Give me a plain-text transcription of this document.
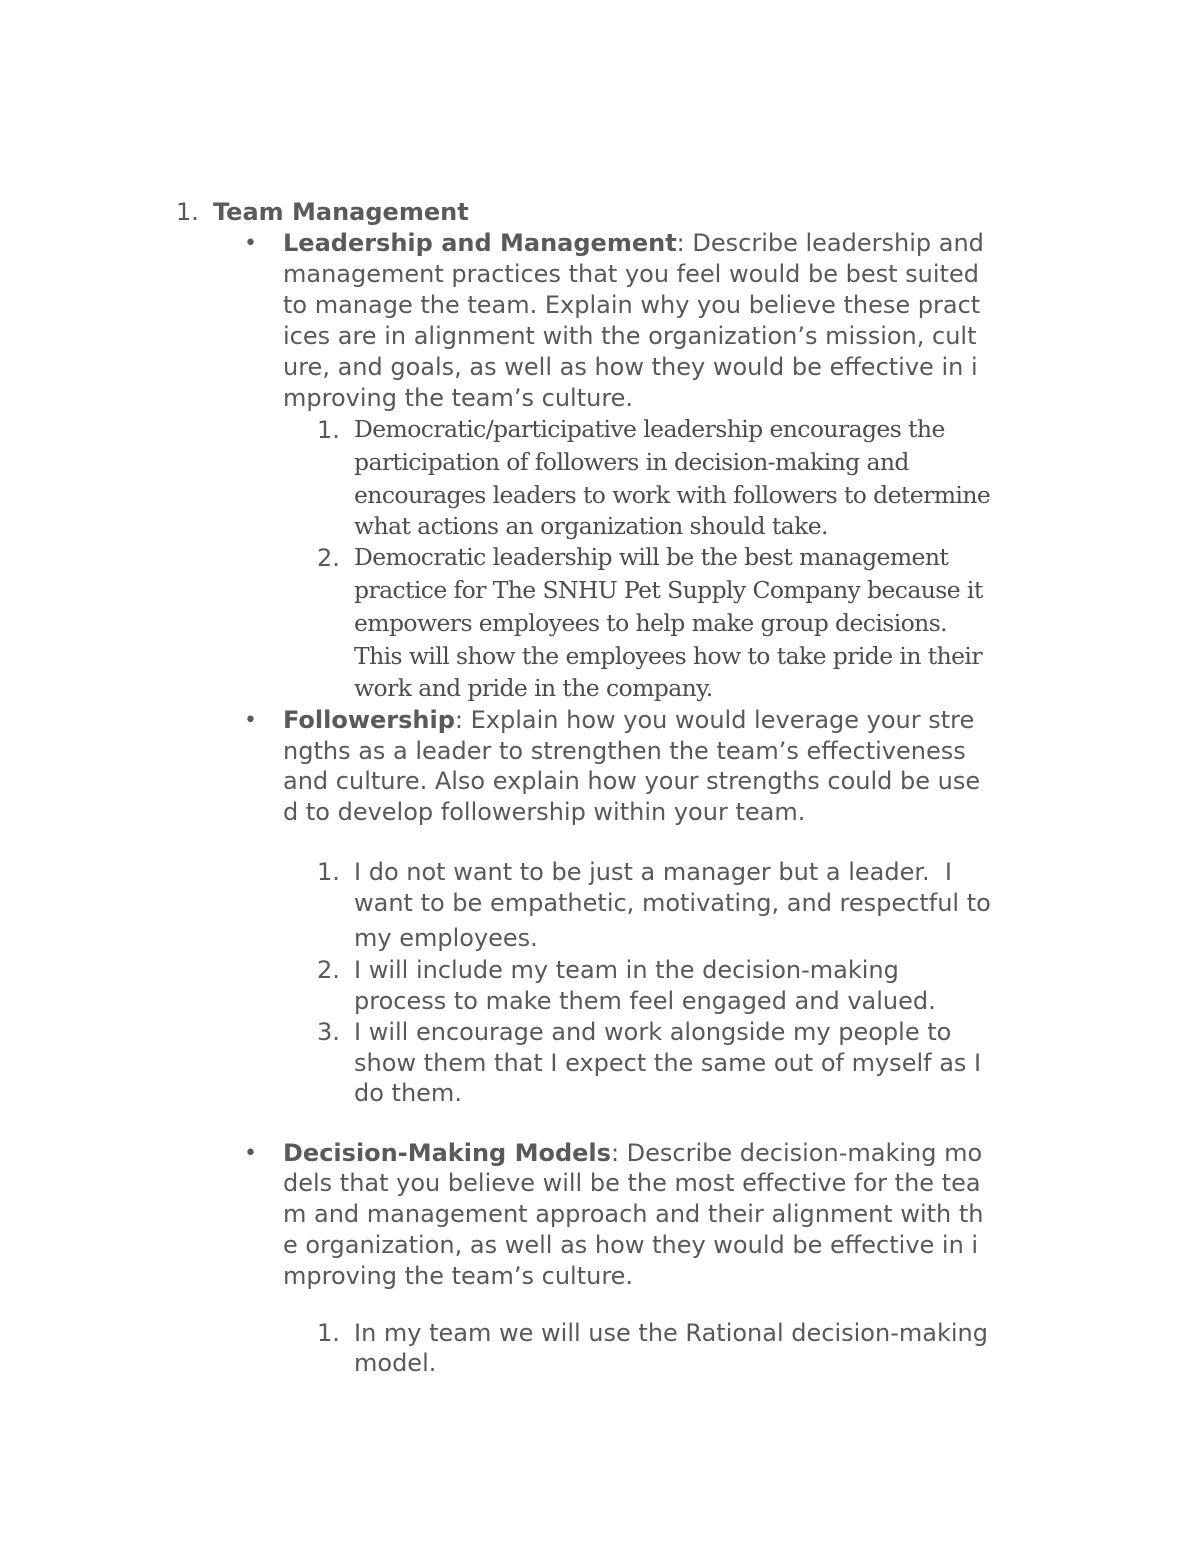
1. Team Management
• Leadership and Management: Describe leadership and
management practices that you feel would be best suited
to manage the team. Explain why you believe these pract
ices are in alignment with the organization’s mission, cult
ure, and goals, as well as how they would be effective in i
mproving the team’s culture.
1. Democratic/participative leadership encourages the
participation of followers in decision-making and
encourages leaders to work with followers to determine
what actions an organization should take.
2. Democratic leadership will be the best management
practice for The SNHU Pet Supply Company because it
empowers employees to help make group decisions.
This will show the employees how to take pride in their
work and pride in the company.
• Followership: Explain how you would leverage your stre
ngths as a leader to strengthen the team’s effectiveness
and culture. Also explain how your strengths could be use
d to develop followership within your team.
1. I do not want to be just a manager but a leader.  I
want to be empathetic, motivating, and respectful to
my employees.
2. I will include my team in the decision-making
process to make them feel engaged and valued.
3. I will encourage and work alongside my people to
show them that I expect the same out of myself as I
do them.
• Decision-Making Models: Describe decision-making mo
dels that you believe will be the most effective for the tea
m and management approach and their alignment with th
e organization, as well as how they would be effective in i
mproving the team’s culture.
1. In my team we will use the Rational decision-making
model.
